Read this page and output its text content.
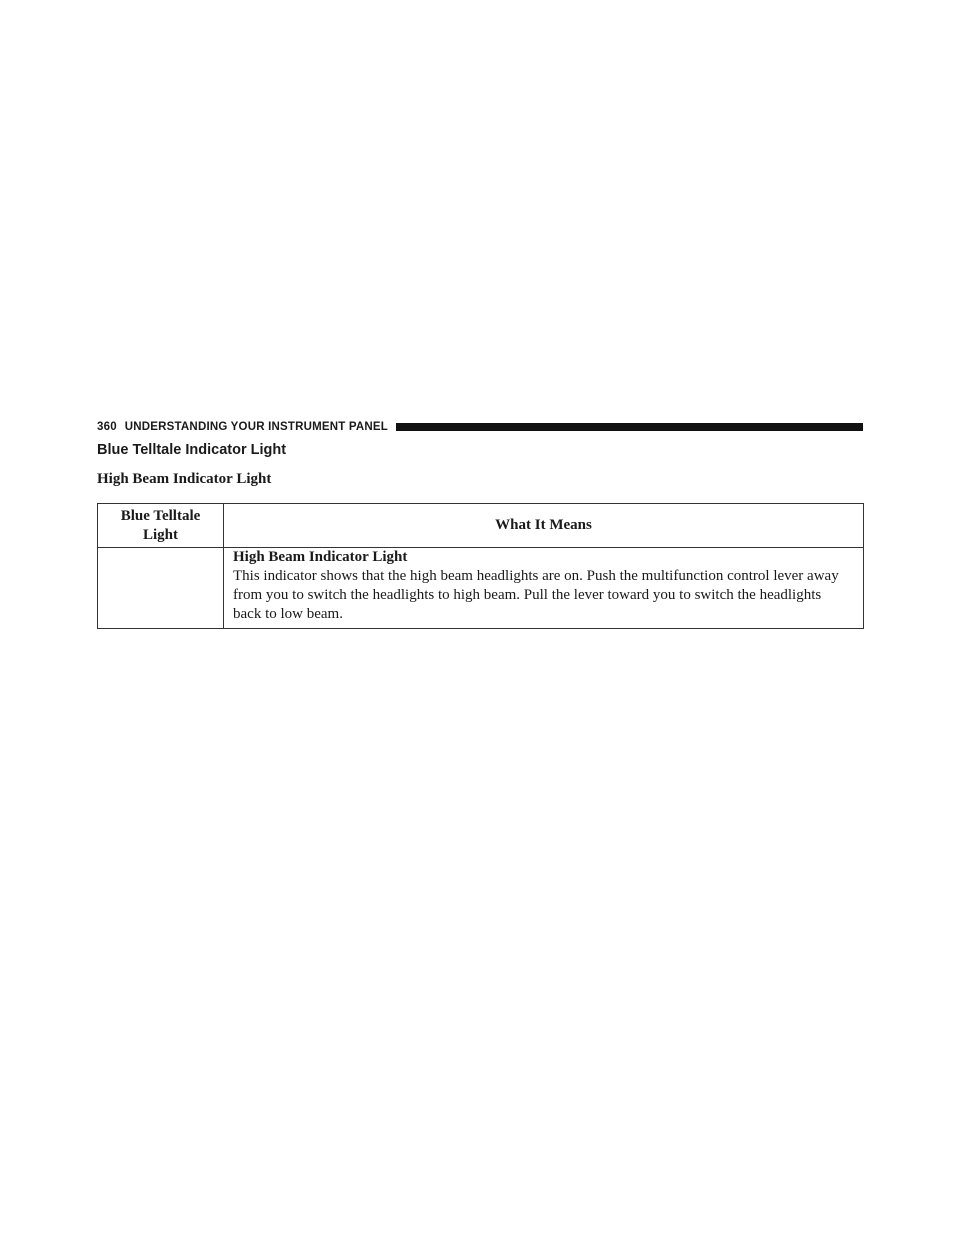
360 UNDERSTANDING YOUR INSTRUMENT PANEL
Blue Telltale Indicator Light
High Beam Indicator Light
Blue Telltale Light	What It Means

	High Beam Indicator Light
This indicator shows that the high beam headlights are on. Push the multifunction control lever away from you to switch the headlights to high beam. Pull the lever toward you to switch the headlights back to low beam.
